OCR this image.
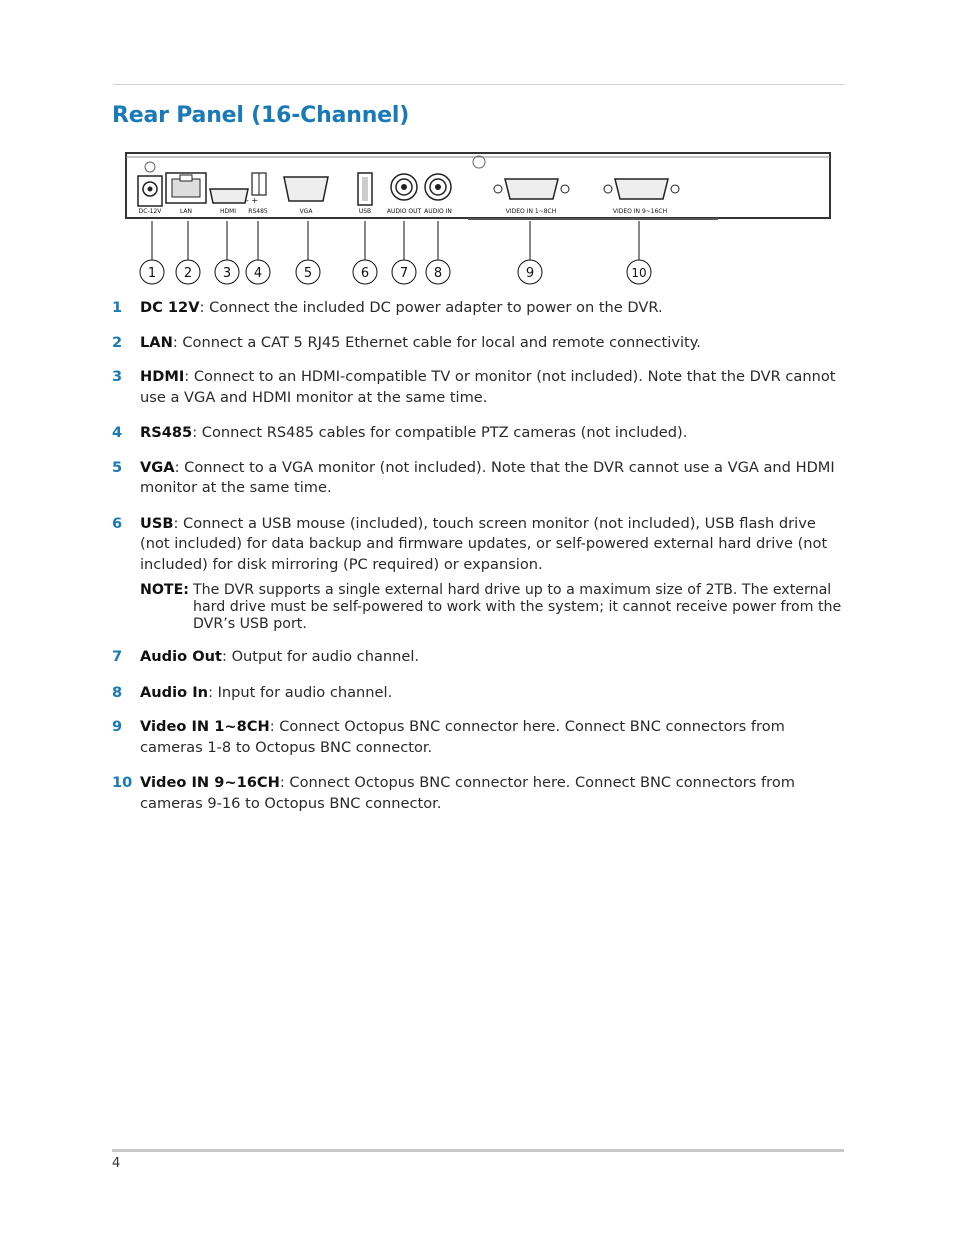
Rear Panel (16-Channel)
- +
DC-12V	LAN	HDMI RS485	VGA	USB	AUDIO OUT AUDIO IN	VIDEO IN 1~8CH	VIDEO IN 9~16CH
1 2 3 4	5	6 7 8	9	10
1 DC 12V: Connect the included DC power adapter to power on the DVR.
2 LAN: Connect a CAT 5 RJ45 Ethernet cable for local and remote connectivity.
3 HDMI: Connect to an HDMI-compatible TV or monitor (not included). Note that the DVR cannot use a VGA and HDMI monitor at the same time.
4 RS485: Connect RS485 cables for compatible PTZ cameras (not included).
5 VGA: Connect to a VGA monitor (not included). Note that the DVR cannot use a VGA and HDMI monitor at the same time.
6 USB: Connect a USB mouse (included), touch screen monitor (not included), USB flash drive (not included) for data backup and firmware updates, or self-powered external hard drive (not included) for disk mirroring (PC required) or expansion.
NOTE: The DVR supports a single external hard drive up to a maximum size of 2TB. The external hard drive must be self-powered to work with the system; it cannot receive power from the DVR’s USB port.
7 Audio Out: Output for audio channel.
8 Audio In: Input for audio channel.
9 Video IN 1~8CH: Connect Octopus BNC connector here. Connect BNC connectors from cameras 1-8 to Octopus BNC connector.
10 Video IN 9~16CH: Connect Octopus BNC connector here. Connect BNC connectors from cameras 9-16 to Octopus BNC connector.
4
